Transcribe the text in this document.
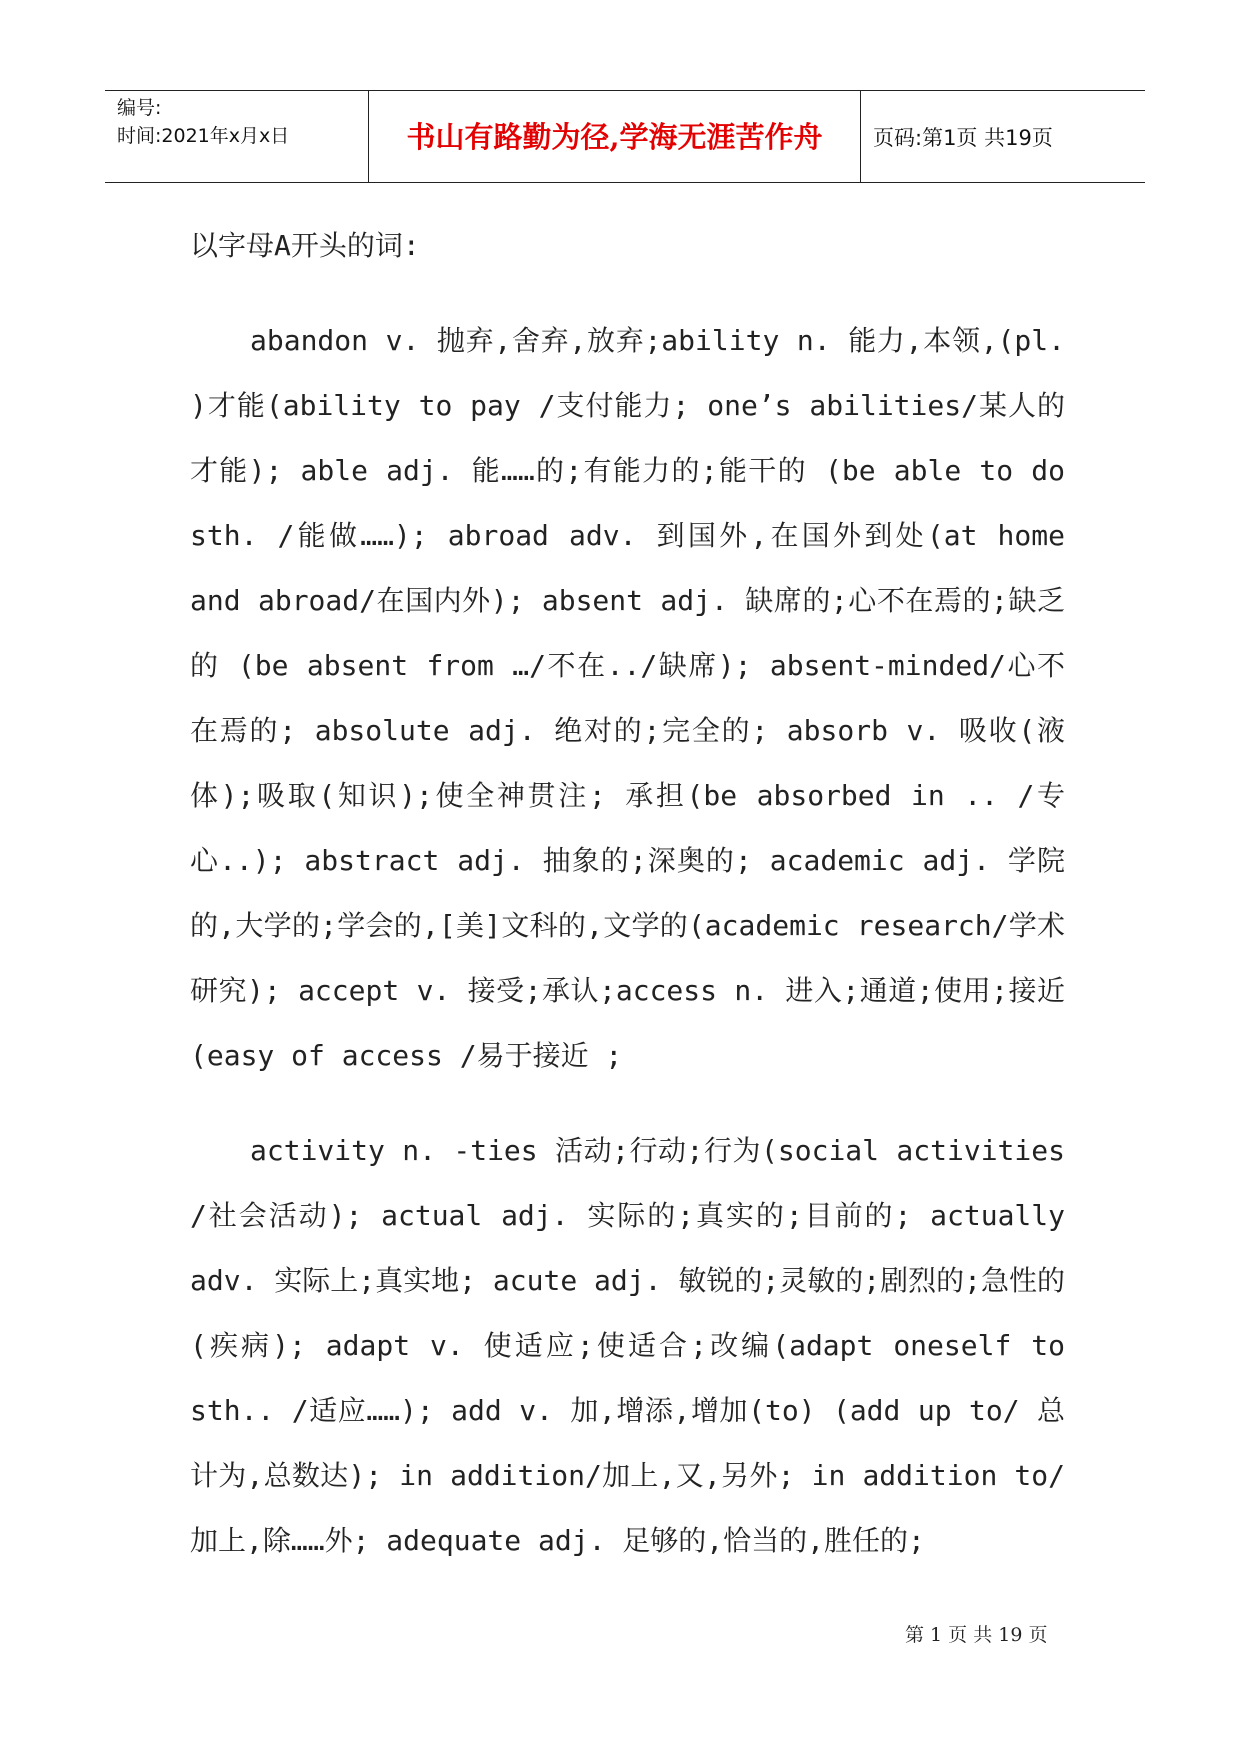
编号:
时间:2021年x月x日	书山有路勤为径,学海无涯苦作舟	页码:第1页 共19页
以字母A开头的词:
abandon v. 抛弃,舍弃,放弃;ability n. 能力,本领,(pl. )才能(ability to pay /支付能力; one’s abilities/某人的才能); able adj. 能……的;有能力的;能干的 (be able to do sth. /能做……); abroad adv. 到国外,在国外到处(at home and abroad/在国内外); absent adj. 缺席的;心不在焉的;缺乏的 (be absent from …/不在../缺席); absent-minded/心不在焉的; absolute adj. 绝对的;完全的; absorb v. 吸收(液体);吸取(知识);使全神贯注; 承担(be absorbed in .. /专心..); abstract adj. 抽象的;深奥的; academic adj. 学院的,大学的;学会的,[美]文科的,文学的(academic research/学术研究); accept v. 接受;承认;access n. 进入;通道;使用;接近(easy of access /易于接近 ;
activity n. -ties 活动;行动;行为(social activities /社会活动); actual adj. 实际的;真实的;目前的; actually adv. 实际上;真实地; acute adj. 敏锐的;灵敏的;剧烈的;急性的(疾病); adapt v. 使适应;使适合;改编(adapt oneself to sth.. /适应……); add v. 加,增添,增加(to) (add up to/ 总计为,总数达); in addition/加上,又,另外; in addition to/加上,除……外; adequate adj. 足够的,恰当的,胜任的;
第 1 页 共 19 页
